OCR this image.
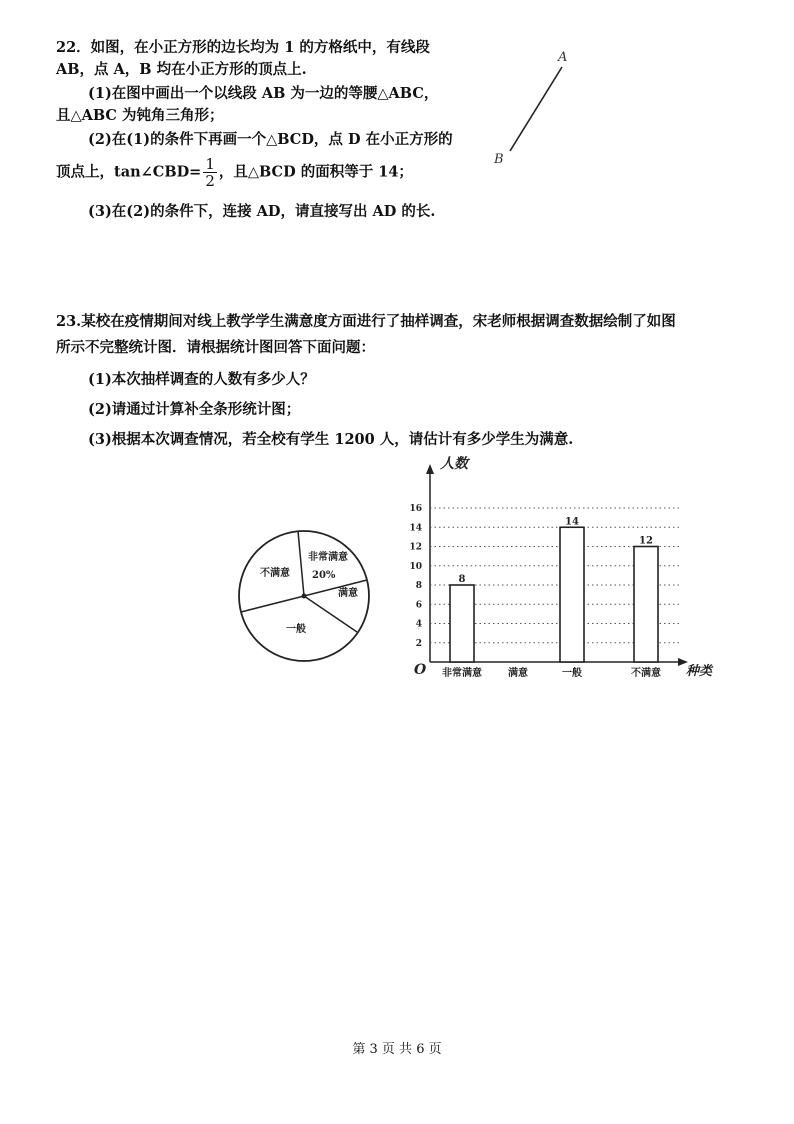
22．如图，在小正方形的边长均为 1 的方格纸中，有线段
AB，点 A，B 均在小正方形的顶点上.
(1)在图中画出一个以线段 AB 为一边的等腰△ABC，
且△ABC 为钝角三角形；
(2)在(1)的条件下再画一个△BCD，点 D 在小正方形的
顶点上，tan∠CBD= $\frac{1}{2}$ ，且△BCD 的面积等于 14；
(3)在(2)的条件下，连接 AD，请直接写出 AD 的长.
A
B
23.某校在疫情期间对线上教学学生满意度方面进行了抽样调查，宋老师根据调查数据绘制了如图
所示不完整统计图．请根据统计图回答下面问题：
(1)本次抽样调查的人数有多少人？
(2)请通过计算补全条形统计图；
(3)根据本次调查情况，若全校有学生 1200 人，请估计有多少学生为满意.
不满意
非常满意
20%
满意
一般
人数
种类
O
2
4
6
8
10
12
14
16
8
14
12
非常满意	满意	一般	不满意
第 3 页 共 6 页
